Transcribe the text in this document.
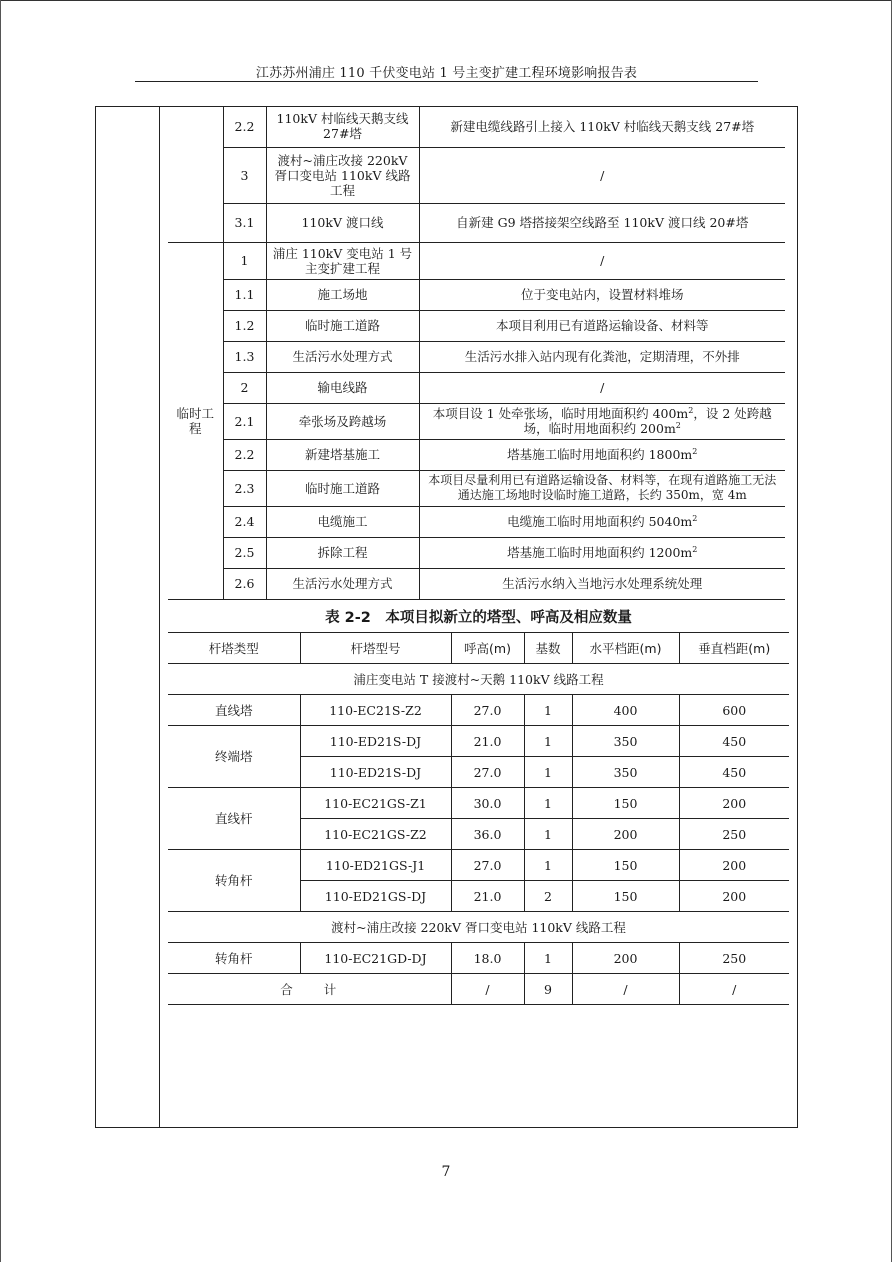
江苏苏州浦庄 110 千伏变电站 1 号主变扩建工程环境影响报告表
	2.2	110kV 村临线天鹅支线 27#塔	新建电缆线路引上接入 110kV 村临线天鹅支线 27#塔
	3	渡村~浦庄改接 220kV 胥口变电站 110kV 线路工程	/
	3.1	110kV 渡口线	自新建 G9 塔搭接架空线路至 110kV 渡口线 20#塔
临时工程	1	浦庄 110kV 变电站 1 号主变扩建工程	/
	1.1	施工场地	位于变电站内，设置材料堆场
	1.2	临时施工道路	本项目利用已有道路运输设备、材料等
	1.3	生活污水处理方式	生活污水排入站内现有化粪池，定期清理，不外排
	2	输电线路	/
	2.1	牵张场及跨越场	本项目设 1 处牵张场，临时用地面积约 $400m^2$，设 2 处跨越场，临时用地面积约 $200m^2$
	2.2	新建塔基施工	塔基施工临时用地面积约 $1800m^2$
	2.3	临时施工道路	本项目尽量利用已有道路运输设备、材料等，在现有道路施工无法通达施工场地时设临时施工道路，长约 350m，宽 4m
	2.4	电缆施工	电缆施工临时用地面积约 $5040m^2$
	2.5	拆除工程	塔基施工临时用地面积约 $1200m^2$
	2.6	生活污水处理方式	生活污水纳入当地污水处理系统处理

表 2-2　本项目拟新立的塔型、呼高及相应数量
杆塔类型	杆塔型号	呼高(m)	基数	水平档距(m)	垂直档距(m)
浦庄变电站 T 接渡村~天鹅 110kV 线路工程					
直线塔	110-EC21S-Z2	27.0	1	400	600
终端塔	110-ED21S-DJ	21.0	1	350	450
	110-ED21S-DJ	27.0	1	350	450
直线杆	110-EC21GS-Z1	30.0	1	150	200
	110-EC21GS-Z2	36.0	1	200	250
转角杆	110-ED21GS-J1	27.0	1	150	200
	110-ED21GS-DJ	21.0	2	150	200
渡村~浦庄改接 220kV 胥口变电站 110kV 线路工程					
转角杆	110-EC21GD-DJ	18.0	1	200	250
合　　计		/	9	/	/
7
